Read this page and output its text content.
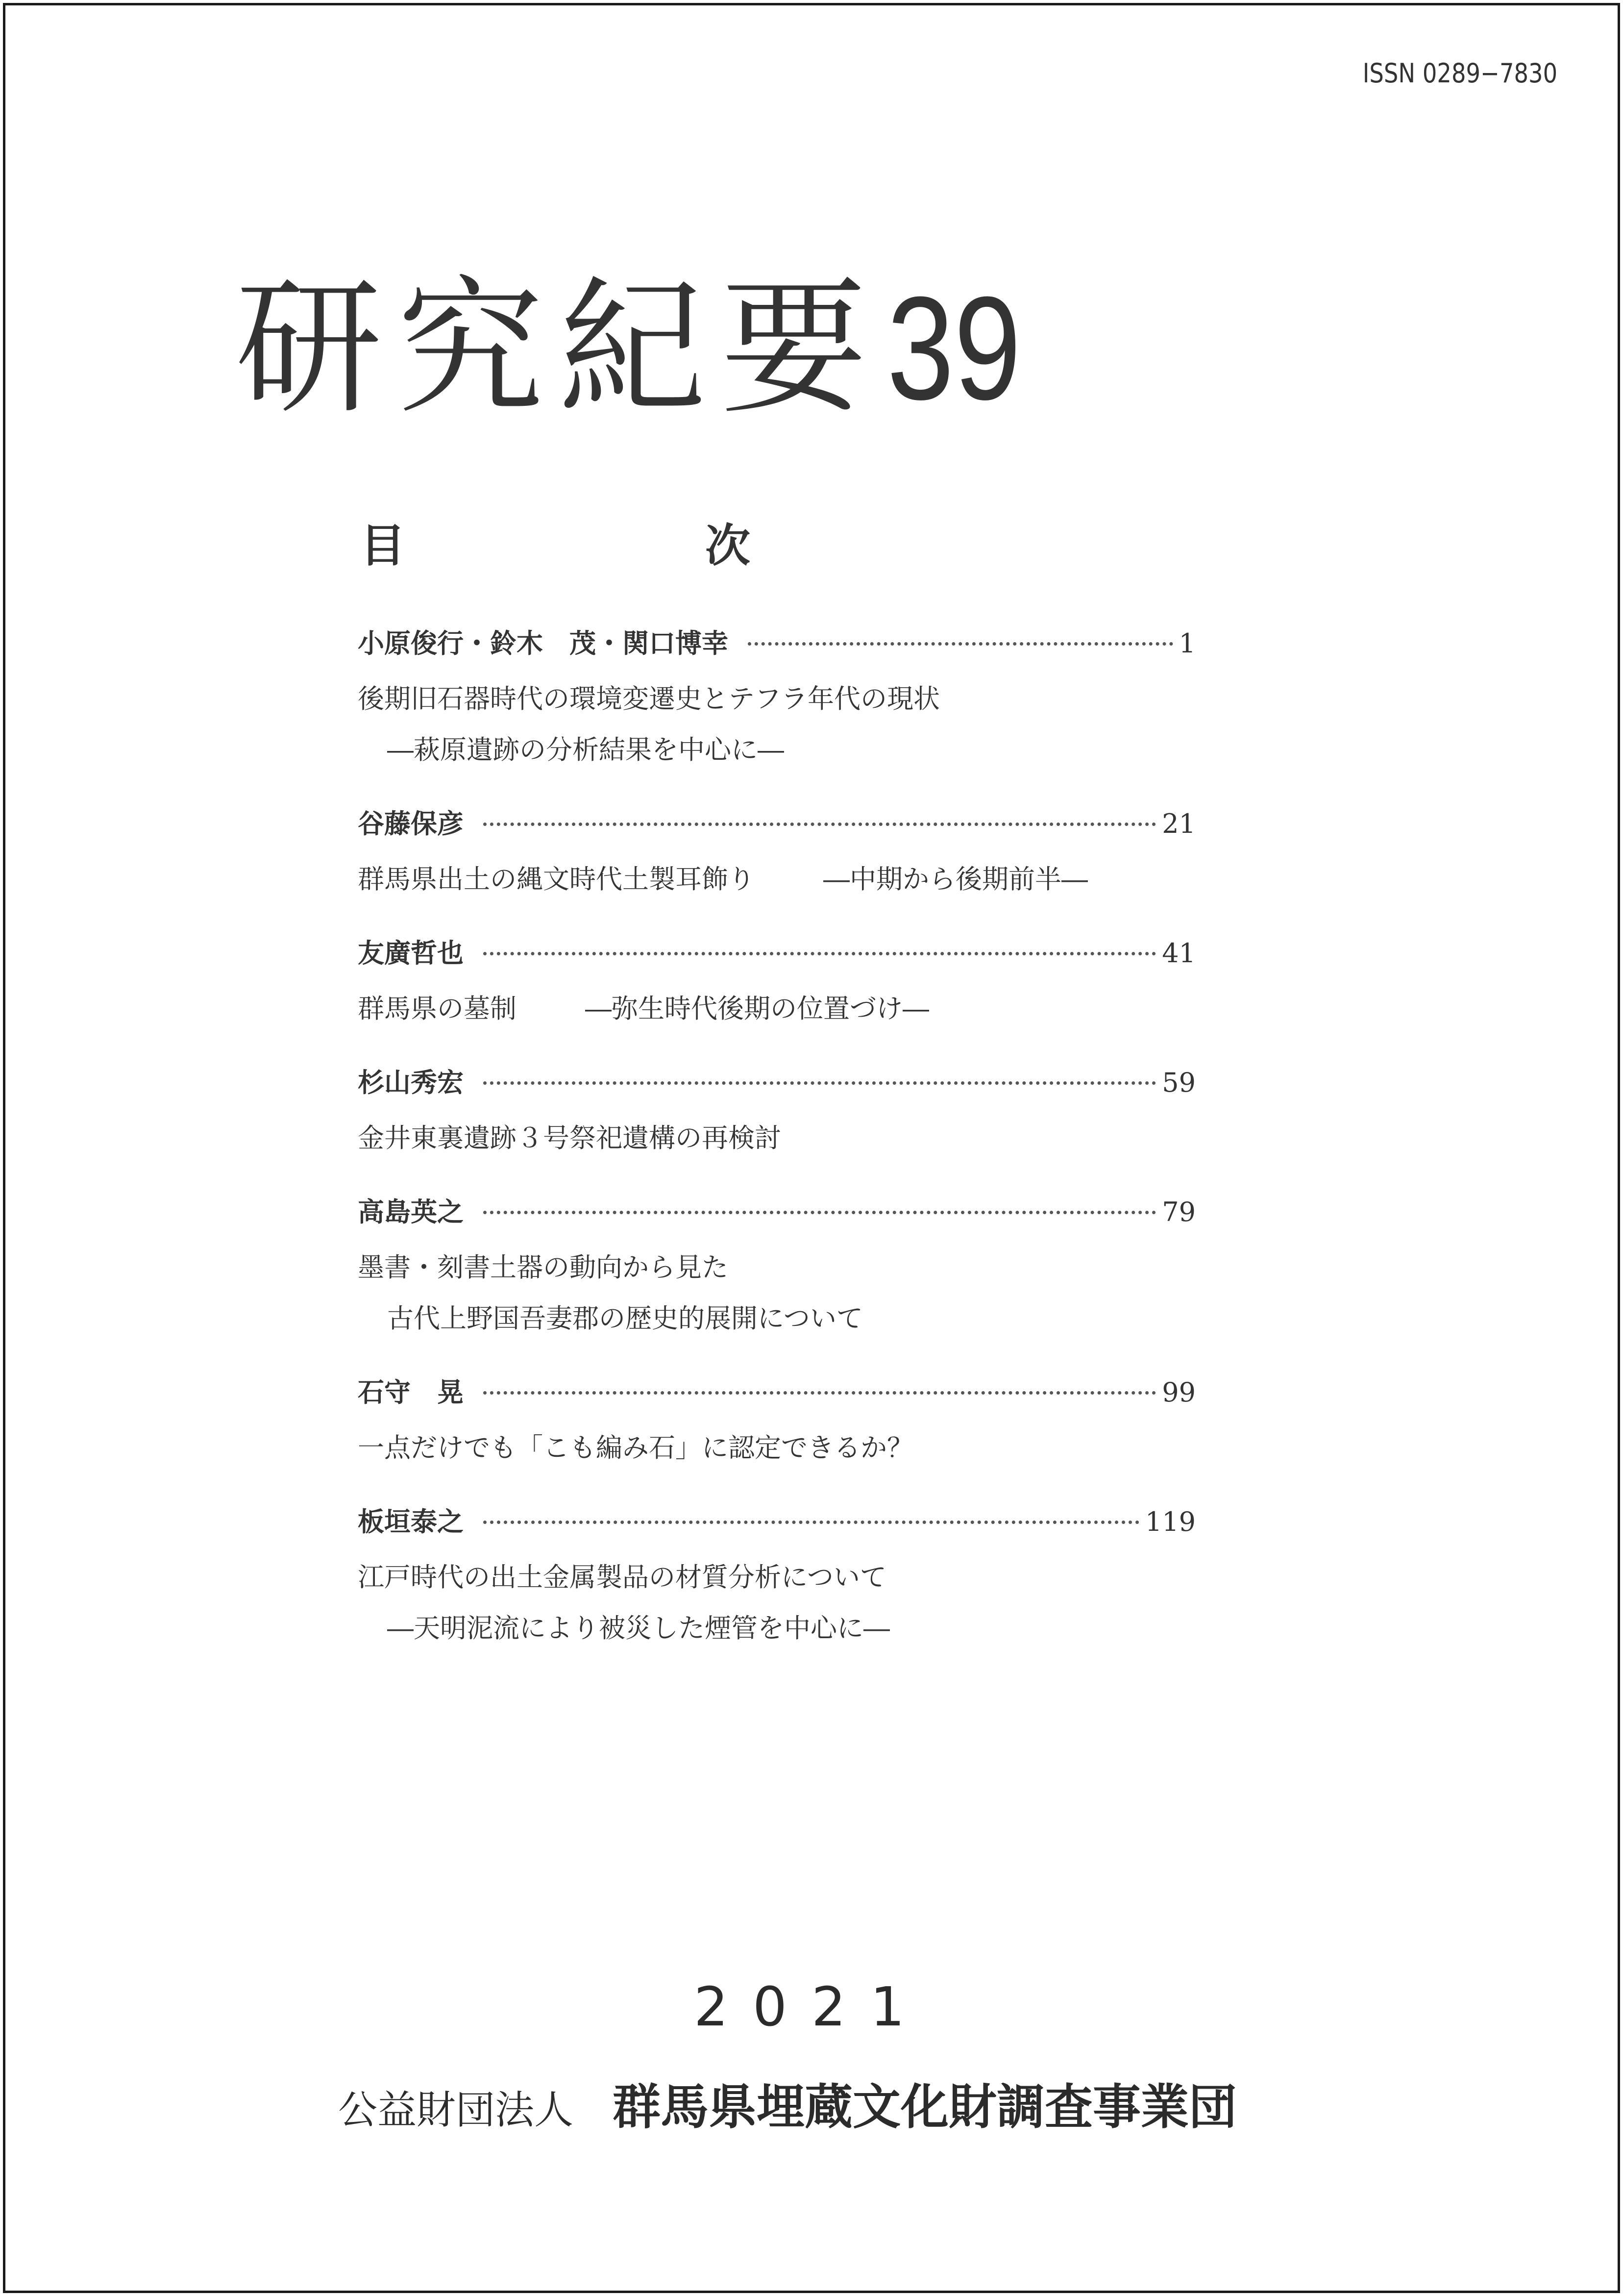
ISSN 0289−7830
研究紀要39
目　次
小原俊行・鈴木　茂・関口博幸	1
後期旧石器時代の環境変遷史とテフラ年代の現状
―萩原遺跡の分析結果を中心に―
谷藤保彦	21
群馬県出土の縄文時代土製耳飾り	―中期から後期前半―
友廣哲也	41
群馬県の墓制	―弥生時代後期の位置づけ―
杉山秀宏	59
金井東裏遺跡３号祭祀遺構の再検討
高島英之	79
墨書・刻書土器の動向から見た
古代上野国吾妻郡の歴史的展開について
石守　晃	99
一点だけでも「こも編み石」に認定できるか？
板垣泰之	119
江戸時代の出土金属製品の材質分析について
―天明泥流により被災した煙管を中心に―
2021
公益財団法人 群馬県埋蔵文化財調査事業団
